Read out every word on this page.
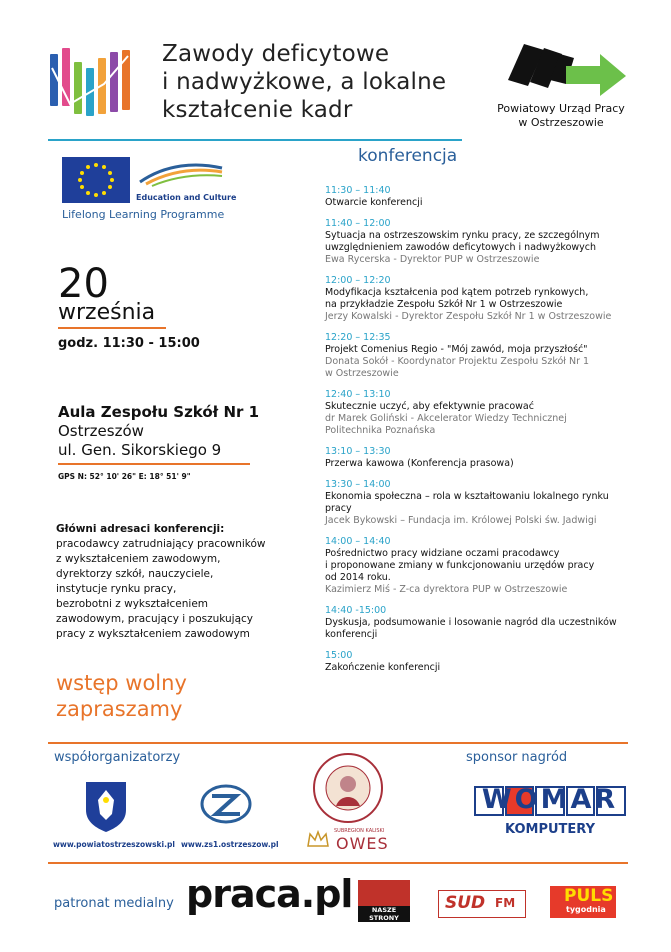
Zawody deficytowe
i nadwyżkowe, a lokalne
kształcenie kadr	Powiatowy Urząd Pracy
w Ostrzeszowie
konferencja
Education and Culture
Lifelong Learning Programme
20
września
godz. 11:30 - 15:00
Aula Zespołu Szkół Nr 1
Ostrzeszów
ul. Gen. Sikorskiego 9
GPS N: 52° 10' 26" E: 18° 51' 9"
Główni adresaci konferencji:
pracodawcy zatrudniający pracowników
z wykształceniem zawodowym,
dyrektorzy szkół, nauczyciele,
instytucje rynku pracy,
bezrobotni z wykształceniem
zawodowym, pracujący i poszukujący
pracy z wykształceniem zawodowym
wstęp wolny
zapraszamy
11:30 – 11:40
Otwarcie konferencji
11:40 – 12:00
Sytuacja na ostrzeszowskim rynku pracy, ze szczególnym
uwzględnieniem zawodów deficytowych i nadwyżkowych
Ewa Rycerska - Dyrektor PUP w Ostrzeszowie
12:00 – 12:20
Modyfikacja kształcenia pod kątem potrzeb rynkowych,
na przykładzie Zespołu Szkół Nr 1 w Ostrzeszowie
Jerzy Kowalski - Dyrektor Zespołu Szkół Nr 1 w Ostrzeszowie
12:20 – 12:35
Projekt Comenius Regio - "Mój zawód, moja przyszłość"
Donata Sokół - Koordynator Projektu Zespołu Szkół Nr 1
w Ostrzeszowie
12:40 – 13:10
Skutecznie uczyć, aby efektywnie pracować
dr Marek Goliński - Akcelerator Wiedzy Technicznej
Politechnika Poznańska
13:10 – 13:30
Przerwa kawowa (Konferencja prasowa)
13:30 – 14:00
Ekonomia społeczna – rola w kształtowaniu lokalnego rynku
pracy
Jacek Bykowski – Fundacja im. Królowej Polski św. Jadwigi
14:00 – 14:40
Pośrednictwo pracy widziane oczami pracodawcy
i proponowane zmiany w funkcjonowaniu urzędów pracy
od 2014 roku.
Kazimierz Miś - Z-ca dyrektora PUP w Ostrzeszowie
14:40 -15:00
Dyskusja, podsumowanie i losowanie nagród dla uczestników
konferencji
15:00
Zakończenie konferencji
współorganizatorzy	sponsor nagród
www.powiatostrzeszowski.pl www.zs1.ostrzeszow.pl
SUBREGION KALISKI
OWES
WOMAR
KOMPUTERY
patronat medialny praca.pl	NASZE STRONY
SUD FM	PULS
tygodnia
